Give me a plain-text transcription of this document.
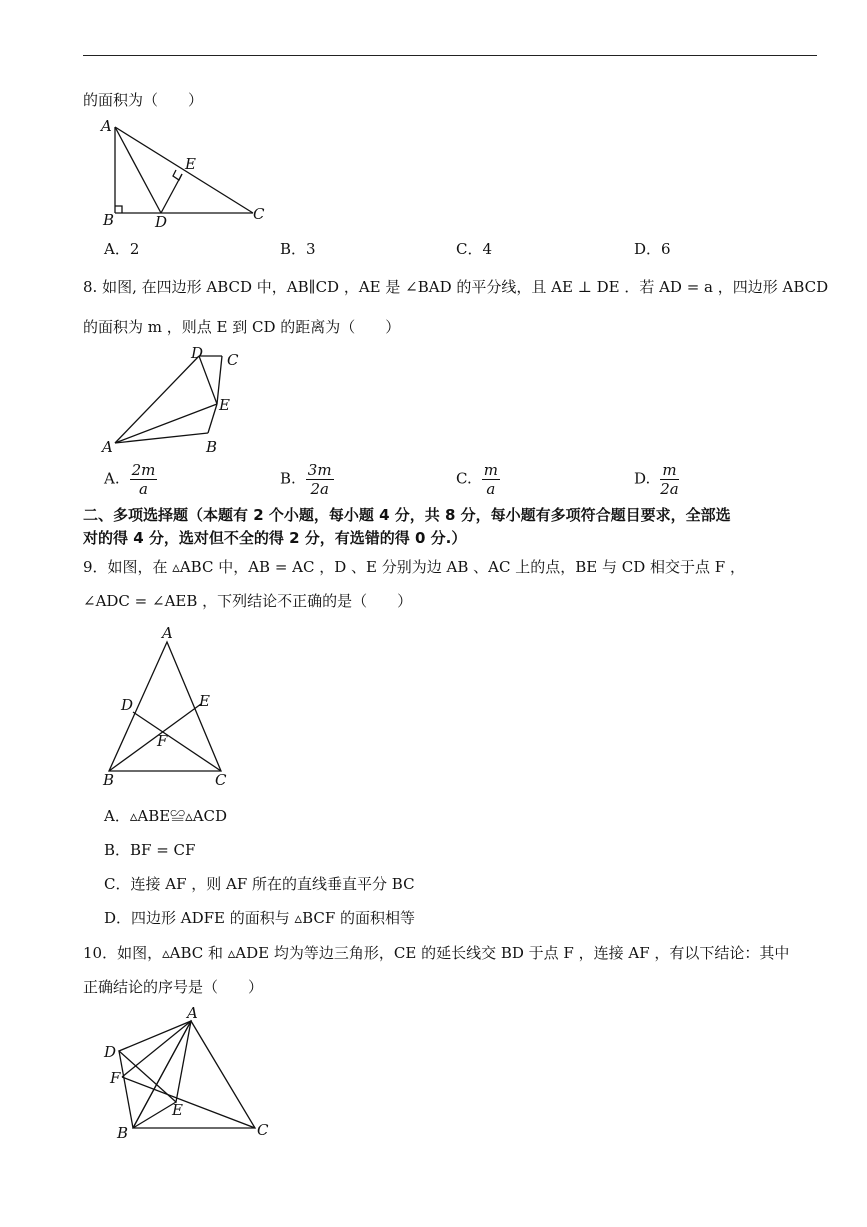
的面积为（　　）
A
B	D	C
E
A．2	B．3	C．4	D．6
8. 如图, 在四边形 ABCD 中，AB∥CD ，AE 是 ∠BAD 的平分线，且 AE ⊥ DE ．若 AD = a ，四边形 ABCD
的面积为 m ，则点 E 到 CD 的距离为（　　）
A	B
C
D
E
A. $\frac{2m}{a}$	B. $\frac{3m}{2a}$	C. $\frac{m}{a}$	D. $\frac{m}{2a}$
二、多项选择题（本题有 2 个小题，每小题 4 分，共 8 分，每小题有多项符合题目要求，全部选
对的得 4 分，选对但不全的得 2 分，有选错的得 0 分.）
9．如图，在 ▵ABC 中，AB = AC ，D 、E 分别为边 AB 、AC 上的点，BE 与 CD 相交于点 F ，
∠ADC = ∠AEB ，下列结论不正确的是（　　）
A
D	E
F
B	C
A．▵ABE≌▵ACD
B．BF = CF
C．连接 AF ，则 AF 所在的直线垂直平分 BC
D．四边形 ADFE 的面积与 ▵BCF 的面积相等
10．如图，▵ABC 和 ▵ADE 均为等边三角形，CE 的延长线交 BD 于点 F ，连接 AF ，有以下结论：其中
正确结论的序号是（　　）
A
D
F
E
B	C
